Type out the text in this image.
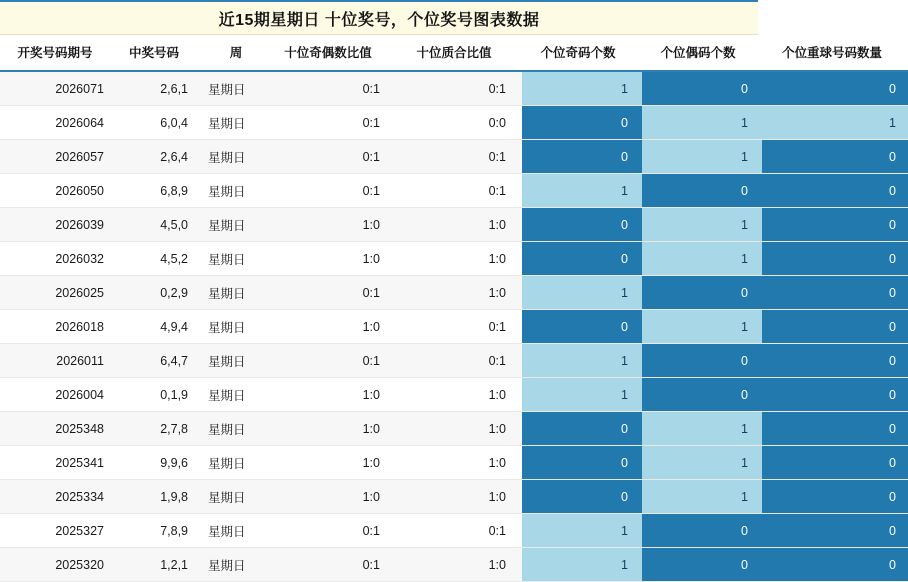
近15期星期日 十位奖号，个位奖号图表数据
开奖号码期号	中奖号码	周	十位奇偶数比值	十位质合比值	个位奇码个数	个位偶码个数	个位重球号码数量
2026071	2,6,1	星期日	0:1	0:1	1	0	0
2026064	6,0,4	星期日	0:1	0:0	0	1	1
2026057	2,6,4	星期日	0:1	0:1	0	1	0
2026050	6,8,9	星期日	0:1	0:1	1	0	0
2026039	4,5,0	星期日	1:0	1:0	0	1	0
2026032	4,5,2	星期日	1:0	1:0	0	1	0
2026025	0,2,9	星期日	0:1	1:0	1	0	0
2026018	4,9,4	星期日	1:0	0:1	0	1	0
2026011	6,4,7	星期日	0:1	0:1	1	0	0
2026004	0,1,9	星期日	1:0	1:0	1	0	0
2025348	2,7,8	星期日	1:0	1:0	0	1	0
2025341	9,9,6	星期日	1:0	1:0	0	1	0
2025334	1,9,8	星期日	1:0	1:0	0	1	0
2025327	7,8,9	星期日	0:1	0:1	1	0	0
2025320	1,2,1	星期日	0:1	1:0	1	0	0
